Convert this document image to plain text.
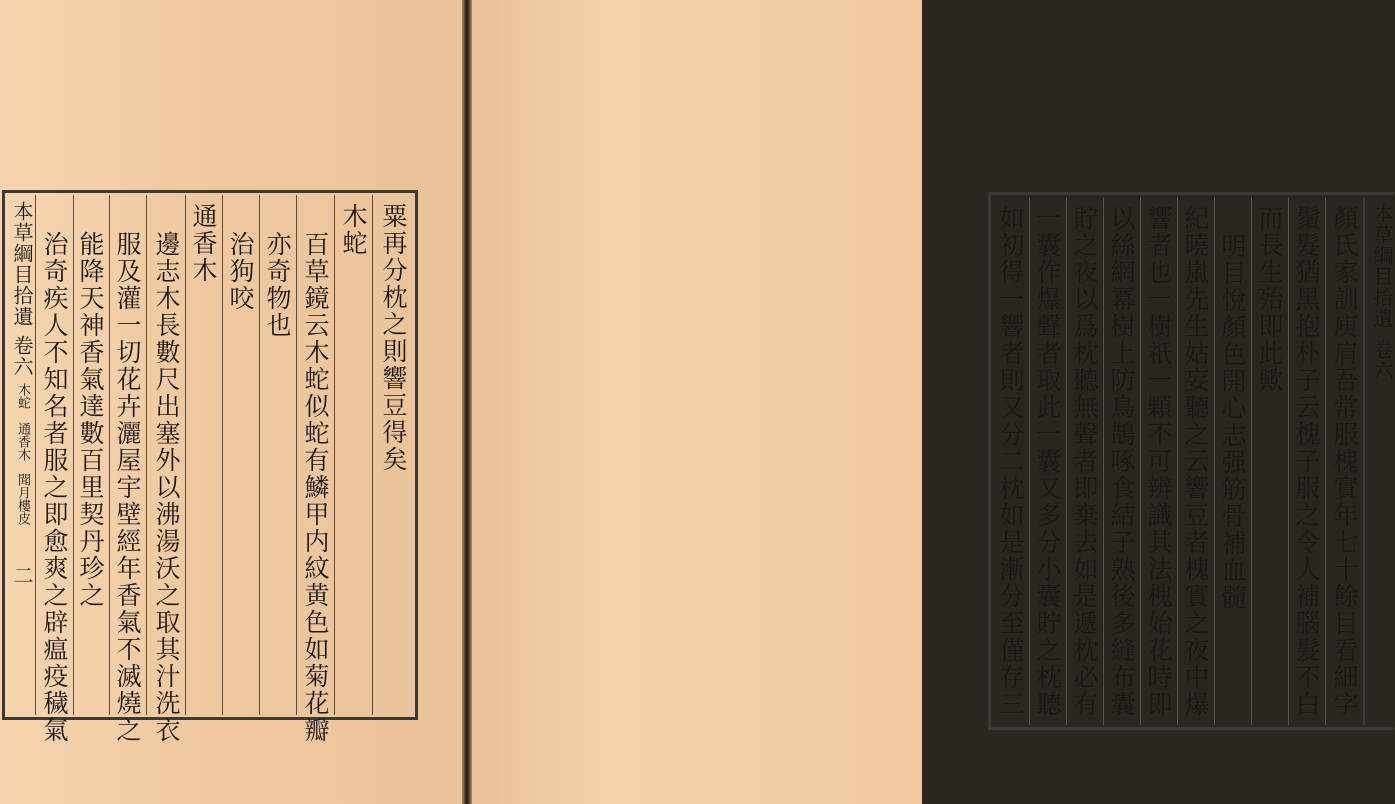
粟再分枕之則響豆得矣
木蛇
百草鏡云木蛇似蛇有鱗甲内紋黄色如菊花瓣
亦奇物也
治狗咬
通香木
邊志木長數尺出塞外以沸湯沃之取其汁洗衣
服及灌一切花卉灑屋宇壁經年香氣不滅燒之
能降天神香氣達數百里契丹珍之
治奇疾人不知名者服之即愈爽之辟瘟疫穢氣
本草綱目拾遺卷六木蛇　通香木聞月樓皮二	顏氏家訓庾肩吾常服槐實年七十餘目看細字
鬚髮猶黑抱朴子云槐子服之令人補腦髮不白
而長生殆即此歟
明目悅顏色開心志强筋骨補血髓
紀曉嵐先生姑妄聽之云響豆者槐實之夜中爆
響者也一樹祇一顆不可辨識其法槐始花時即
以絲網冪樹上防鳥鵲啄食結子熟後多縫布囊
貯之夜以爲枕聽無聲者即棄去如是遞枕必有
一囊作爆聲者取此一囊又多分小囊貯之枕聽
如初得一響者則又分二枕如是漸分至僅存三	本草綱目拾遺卷六
